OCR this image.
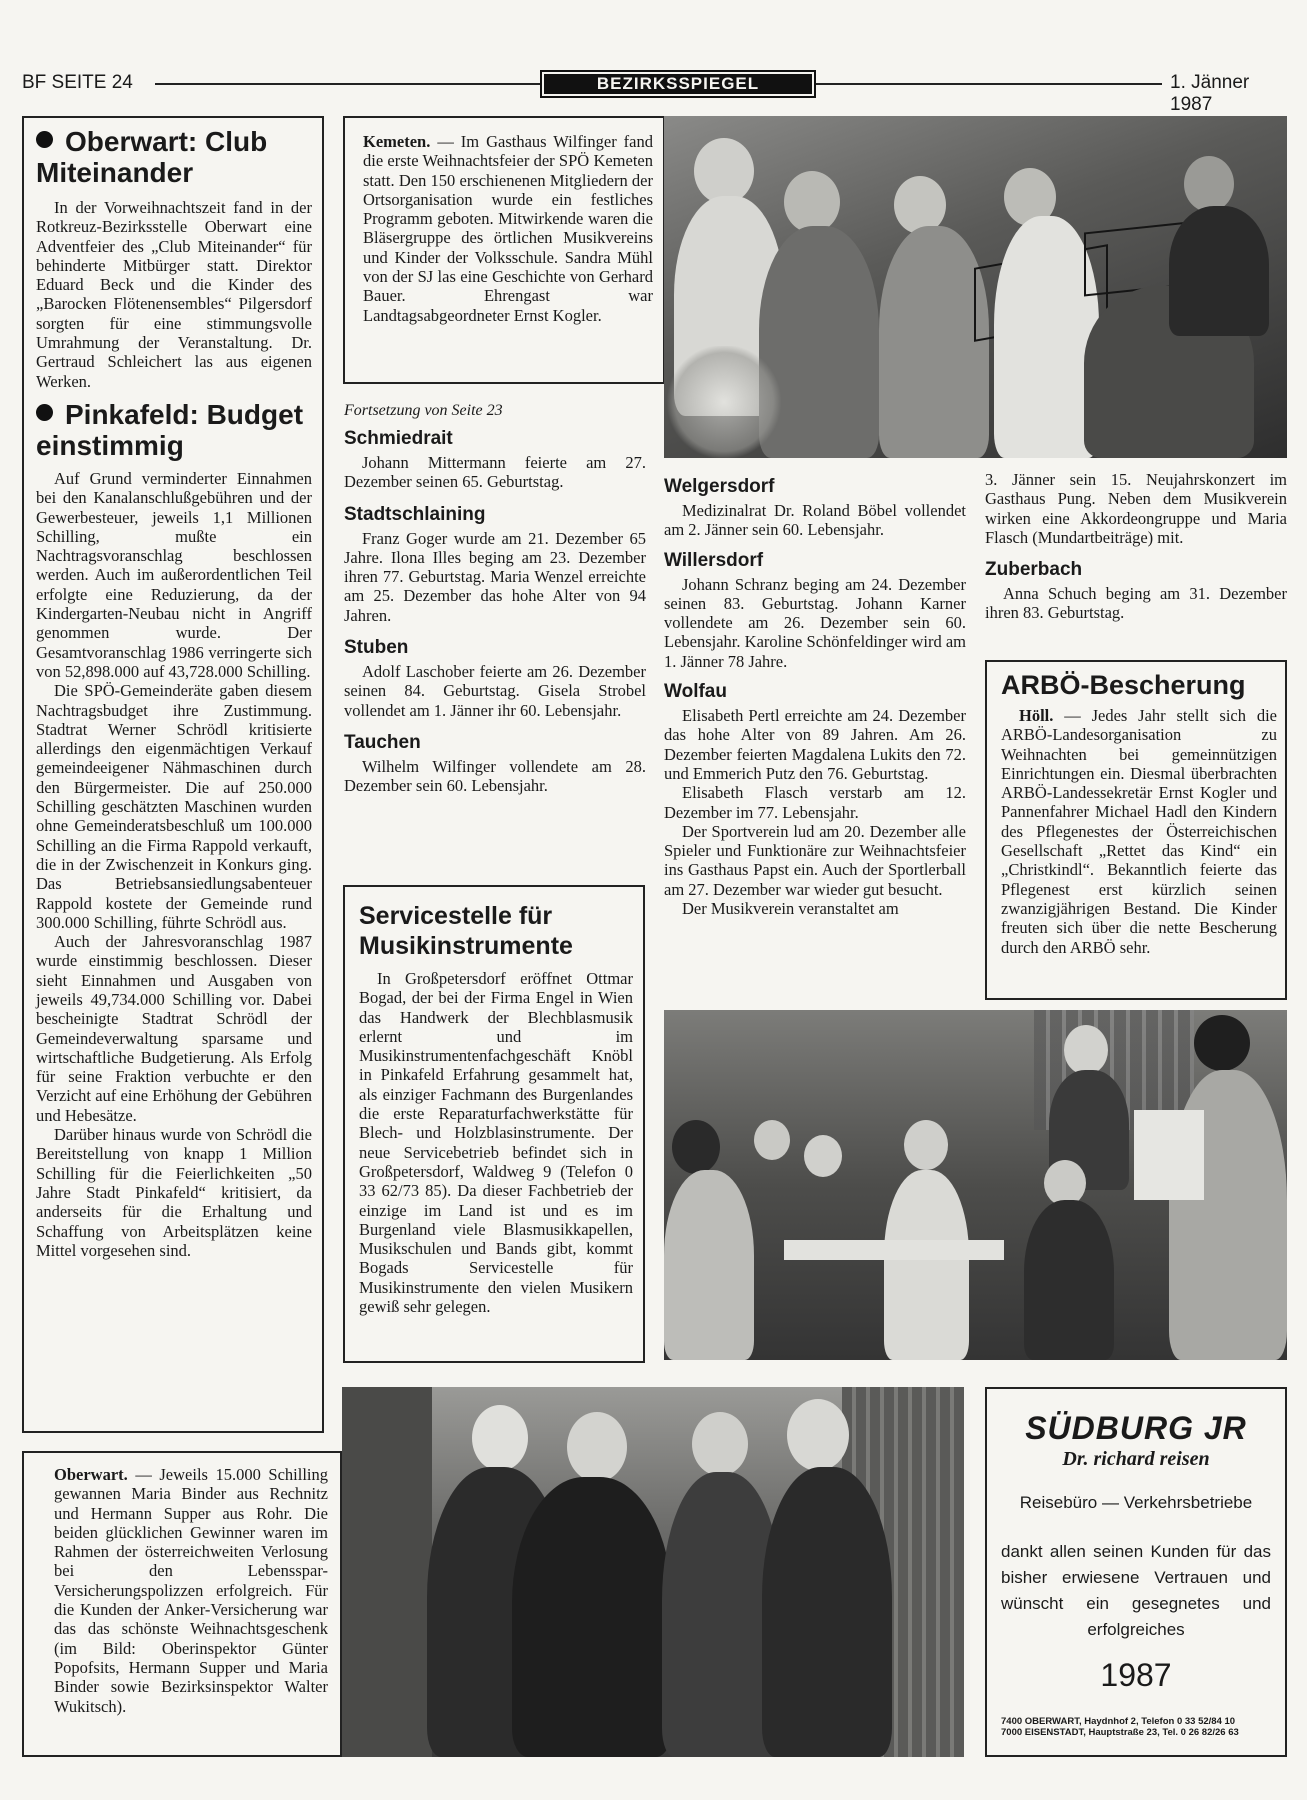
BF SEITE 24	BEZIRKSSPIEGEL	1. Jänner 1987
Oberwart: Club Miteinander

In der Vorweihnachtszeit fand in der Rotkreuz-Bezirksstelle Oberwart eine Adventfeier des „Club Miteinander“ für behinderte Mitbürger statt. Direktor Eduard Beck und die Kinder des „Barocken Flötenensembles“ Pilgersdorf sorgten für eine stimmungsvolle Umrahmung der Veranstaltung. Dr. Gertraud Schleichert las aus eigenen Werken.

Pinkafeld: Budget einstimmig

Auf Grund verminderter Einnahmen bei den Kanalanschlußgebühren und der Gewerbesteuer, jeweils 1,1 Millionen Schilling, mußte ein Nachtragsvoranschlag beschlossen werden. Auch im außerordentlichen Teil erfolgte eine Reduzierung, da der Kindergarten-Neubau nicht in Angriff genommen wurde. Der Gesamtvoranschlag 1986 verringerte sich von 52,898.000 auf 43,728.000 Schilling.

Die SPÖ-Gemeinderäte gaben diesem Nachtragsbudget ihre Zustimmung. Stadtrat Werner Schrödl kritisierte allerdings den eigenmächtigen Verkauf gemeindeeigener Nähmaschinen durch den Bürgermeister. Die auf 250.000 Schilling geschätzten Maschinen wurden ohne Gemeinderatsbeschluß um 100.000 Schilling an die Firma Rappold verkauft, die in der Zwischenzeit in Konkurs ging. Das Betriebsansiedlungsabenteuer Rappold kostete der Gemeinde rund 300.000 Schilling, führte Schrödl aus.

Auch der Jahresvoranschlag 1987 wurde einstimmig beschlossen. Dieser sieht Einnahmen und Ausgaben von jeweils 49,734.000 Schilling vor. Dabei bescheinigte Stadtrat Schrödl der Gemeindeverwaltung sparsame und wirtschaftliche Budgetierung. Als Erfolg für seine Fraktion verbuchte er den Verzicht auf eine Erhöhung der Gebühren und Hebesätze.

Darüber hinaus wurde von Schrödl die Bereitstellung von knapp 1 Million Schilling für die Feierlichkeiten „50 Jahre Stadt Pinkafeld“ kritisiert, da anderseits für die Erhaltung und Schaffung von Arbeitsplätzen keine Mittel vorgesehen sind.

Oberwart. — Jeweils 15.000 Schilling gewannen Maria Binder aus Rechnitz und Hermann Supper aus Rohr. Die beiden glücklichen Gewinner waren im Rahmen der österreichweiten Verlosung bei den Lebensspar-Versicherungspolizzen erfolgreich. Für die Kunden der Anker-Versicherung war das das schönste Weihnachtsgeschenk (im Bild: Oberinspektor Günter Popofsits, Hermann Supper und Maria Binder sowie Bezirksinspektor Walter Wukitsch).

Kemeten. — Im Gasthaus Wilfinger fand die erste Weihnachtsfeier der SPÖ Kemeten statt. Den 150 erschienenen Mitgliedern der Ortsorganisation wurde ein festliches Programm geboten. Mitwirkende waren die Bläsergruppe des örtlichen Musikvereins und Kinder der Volksschule. Sandra Mühl von der SJ las eine Geschichte von Gerhard Bauer. Ehrengast war Landtagsabgeordneter Ernst Kogler.

Fortsetzung von Seite 23
Schmiedrait

Johann Mittermann feierte am 27. Dezember seinen 65. Geburtstag.

Stadtschlaining

Franz Goger wurde am 21. Dezember 65 Jahre. Ilona Illes beging am 23. Dezember ihren 77. Geburtstag. Maria Wenzel erreichte am 25. Dezember das hohe Alter von 94 Jahren.

Stuben

Adolf Laschober feierte am 26. Dezember seinen 84. Geburtstag. Gisela Strobel vollendet am 1. Jänner ihr 60. Lebensjahr.

Tauchen

Wilhelm Wilfinger vollendete am 28. Dezember sein 60. Lebensjahr.

Welgersdorf

Medizinalrat Dr. Roland Böbel vollendet am 2. Jänner sein 60. Lebensjahr.

Willersdorf

Johann Schranz beging am 24. Dezember seinen 83. Geburtstag. Johann Karner vollendete am 26. Dezember sein 60. Lebensjahr. Karoline Schönfeldinger wird am 1. Jänner 78 Jahre.

Wolfau

Elisabeth Pertl erreichte am 24. Dezember das hohe Alter von 89 Jahren. Am 26. Dezember feierten Magdalena Lukits den 72. und Emmerich Putz den 76. Geburtstag.

Elisabeth Flasch verstarb am 12. Dezember im 77. Lebensjahr.

Der Sportverein lud am 20. Dezember alle Spieler und Funktionäre zur Weihnachtsfeier ins Gasthaus Papst ein. Auch der Sportlerball am 27. Dezember war wieder gut besucht.

Der Musikverein veranstaltet am

3. Jänner sein 15. Neujahrskonzert im Gasthaus Pung. Neben dem Musikverein wirken eine Akkordeongruppe und Maria Flasch (Mundartbeiträge) mit.

Zuberbach

Anna Schuch beging am 31. Dezember ihren 83. Geburtstag.

ARBÖ-Bescherung

Höll. — Jedes Jahr stellt sich die ARBÖ-Landesorganisation zu Weihnachten bei gemeinnützigen Einrichtungen ein. Diesmal überbrachten ARBÖ-Landessekretär Ernst Kogler und Pannenfahrer Michael Hadl den Kindern des Pflegenestes der Österreichischen Gesellschaft „Rettet das Kind“ ein „Christkindl“. Bekanntlich feierte das Pflegenest erst kürzlich seinen zwanzigjährigen Bestand. Die Kinder freuten sich über die nette Bescherung durch den ARBÖ sehr.

Servicestelle für Musikinstrumente

In Großpetersdorf eröffnet Ottmar Bogad, der bei der Firma Engel in Wien das Handwerk der Blechblasmusik erlernt und im Musikinstrumentenfachgeschäft Knöbl in Pinkafeld Erfahrung gesammelt hat, als einziger Fachmann des Burgenlandes die erste Reparaturfachwerkstätte für Blech- und Holzblasinstrumente. Der neue Servicebetrieb befindet sich in Großpetersdorf, Waldweg 9 (Telefon 0 33 62/73 85). Da dieser Fachbetrieb der einzige im Land ist und es im Burgenland viele Blasmusikkapellen, Musikschulen und Bands gibt, kommt Bogads Servicestelle für Musikinstrumente den vielen Musikern gewiß sehr gelegen.

SÜDBURG JR
Dr. richard reisen
Reisebüro — Verkehrsbetriebe
dankt allen seinen Kunden für das bisher erwiesene Vertrauen und wünscht ein gesegnetes und erfolgreiches
1987
7400 OBERWART, Haydnhof 2, Telefon 0 33 52/84 10
7000 EISENSTADT, Hauptstraße 23, Tel. 0 26 82/26 63
